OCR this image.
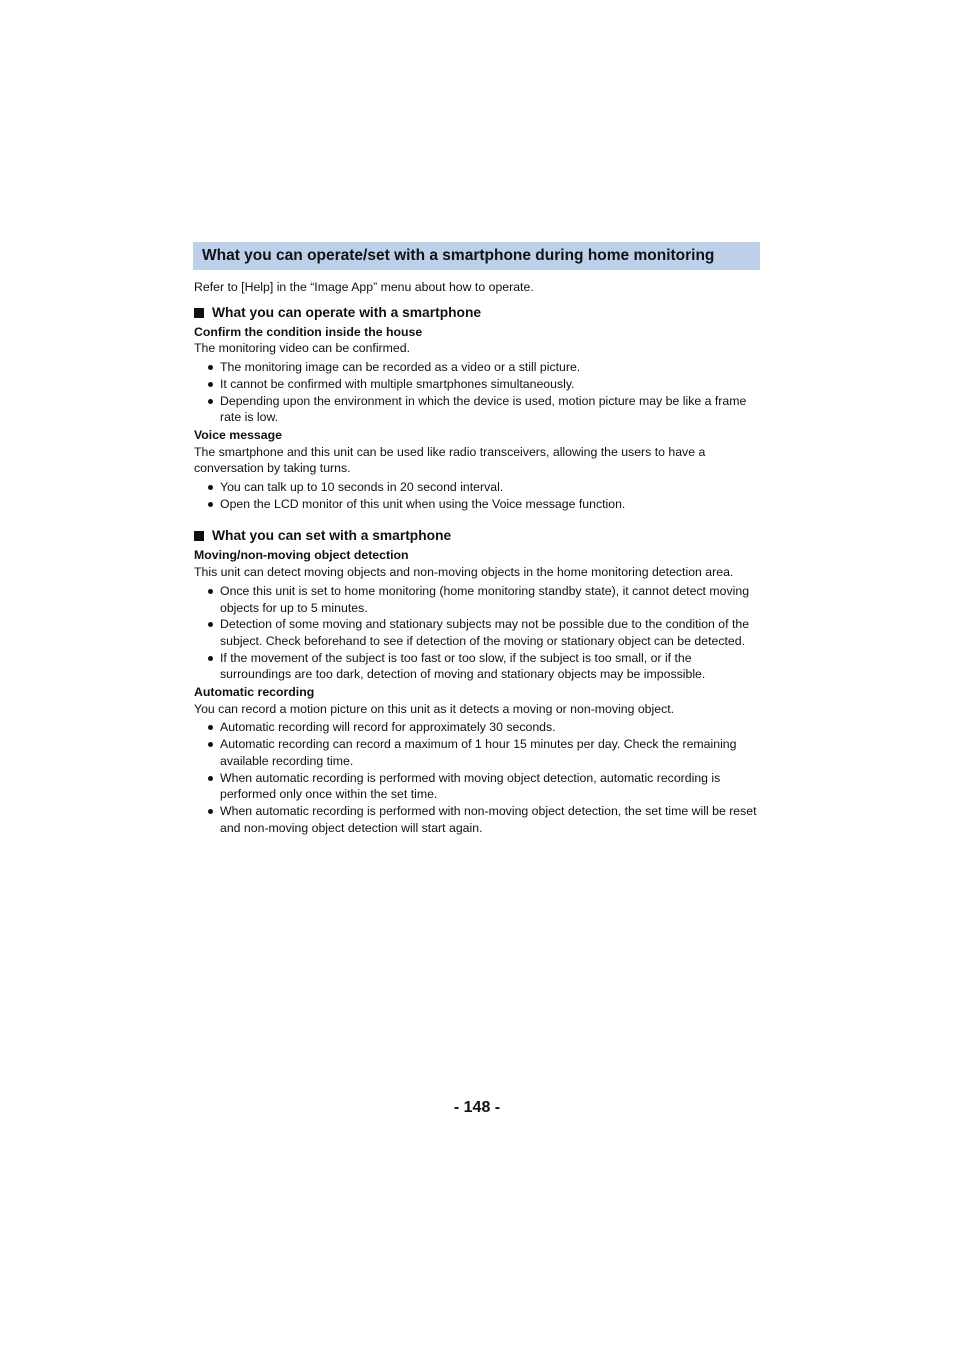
What you can operate/set with a smartphone during home monitoring
Refer to [Help] in the “Image App” menu about how to operate.
What you can operate with a smartphone
Confirm the condition inside the house
The monitoring video can be confirmed.
The monitoring image can be recorded as a video or a still picture.
It cannot be confirmed with multiple smartphones simultaneously.
Depending upon the environment in which the device is used, motion picture may be like a frame rate is low.
Voice message
The smartphone and this unit can be used like radio transceivers, allowing the users to have a conversation by taking turns.
You can talk up to 10 seconds in 20 second interval.
Open the LCD monitor of this unit when using the Voice message function.
What you can set with a smartphone
Moving/non-moving object detection
This unit can detect moving objects and non-moving objects in the home monitoring detection area.
Once this unit is set to home monitoring (home monitoring standby state), it cannot detect moving objects for up to 5 minutes.
Detection of some moving and stationary subjects may not be possible due to the condition of the subject. Check beforehand to see if detection of the moving or stationary object can be detected.
If the movement of the subject is too fast or too slow, if the subject is too small, or if the surroundings are too dark, detection of moving and stationary objects may be impossible.
Automatic recording
You can record a motion picture on this unit as it detects a moving or non-moving object.
Automatic recording will record for approximately 30 seconds.
Automatic recording can record a maximum of 1 hour 15 minutes per day. Check the remaining available recording time.
When automatic recording is performed with moving object detection, automatic recording is performed only once within the set time.
When automatic recording is performed with non-moving object detection, the set time will be reset and non-moving object detection will start again.
- 148 -
